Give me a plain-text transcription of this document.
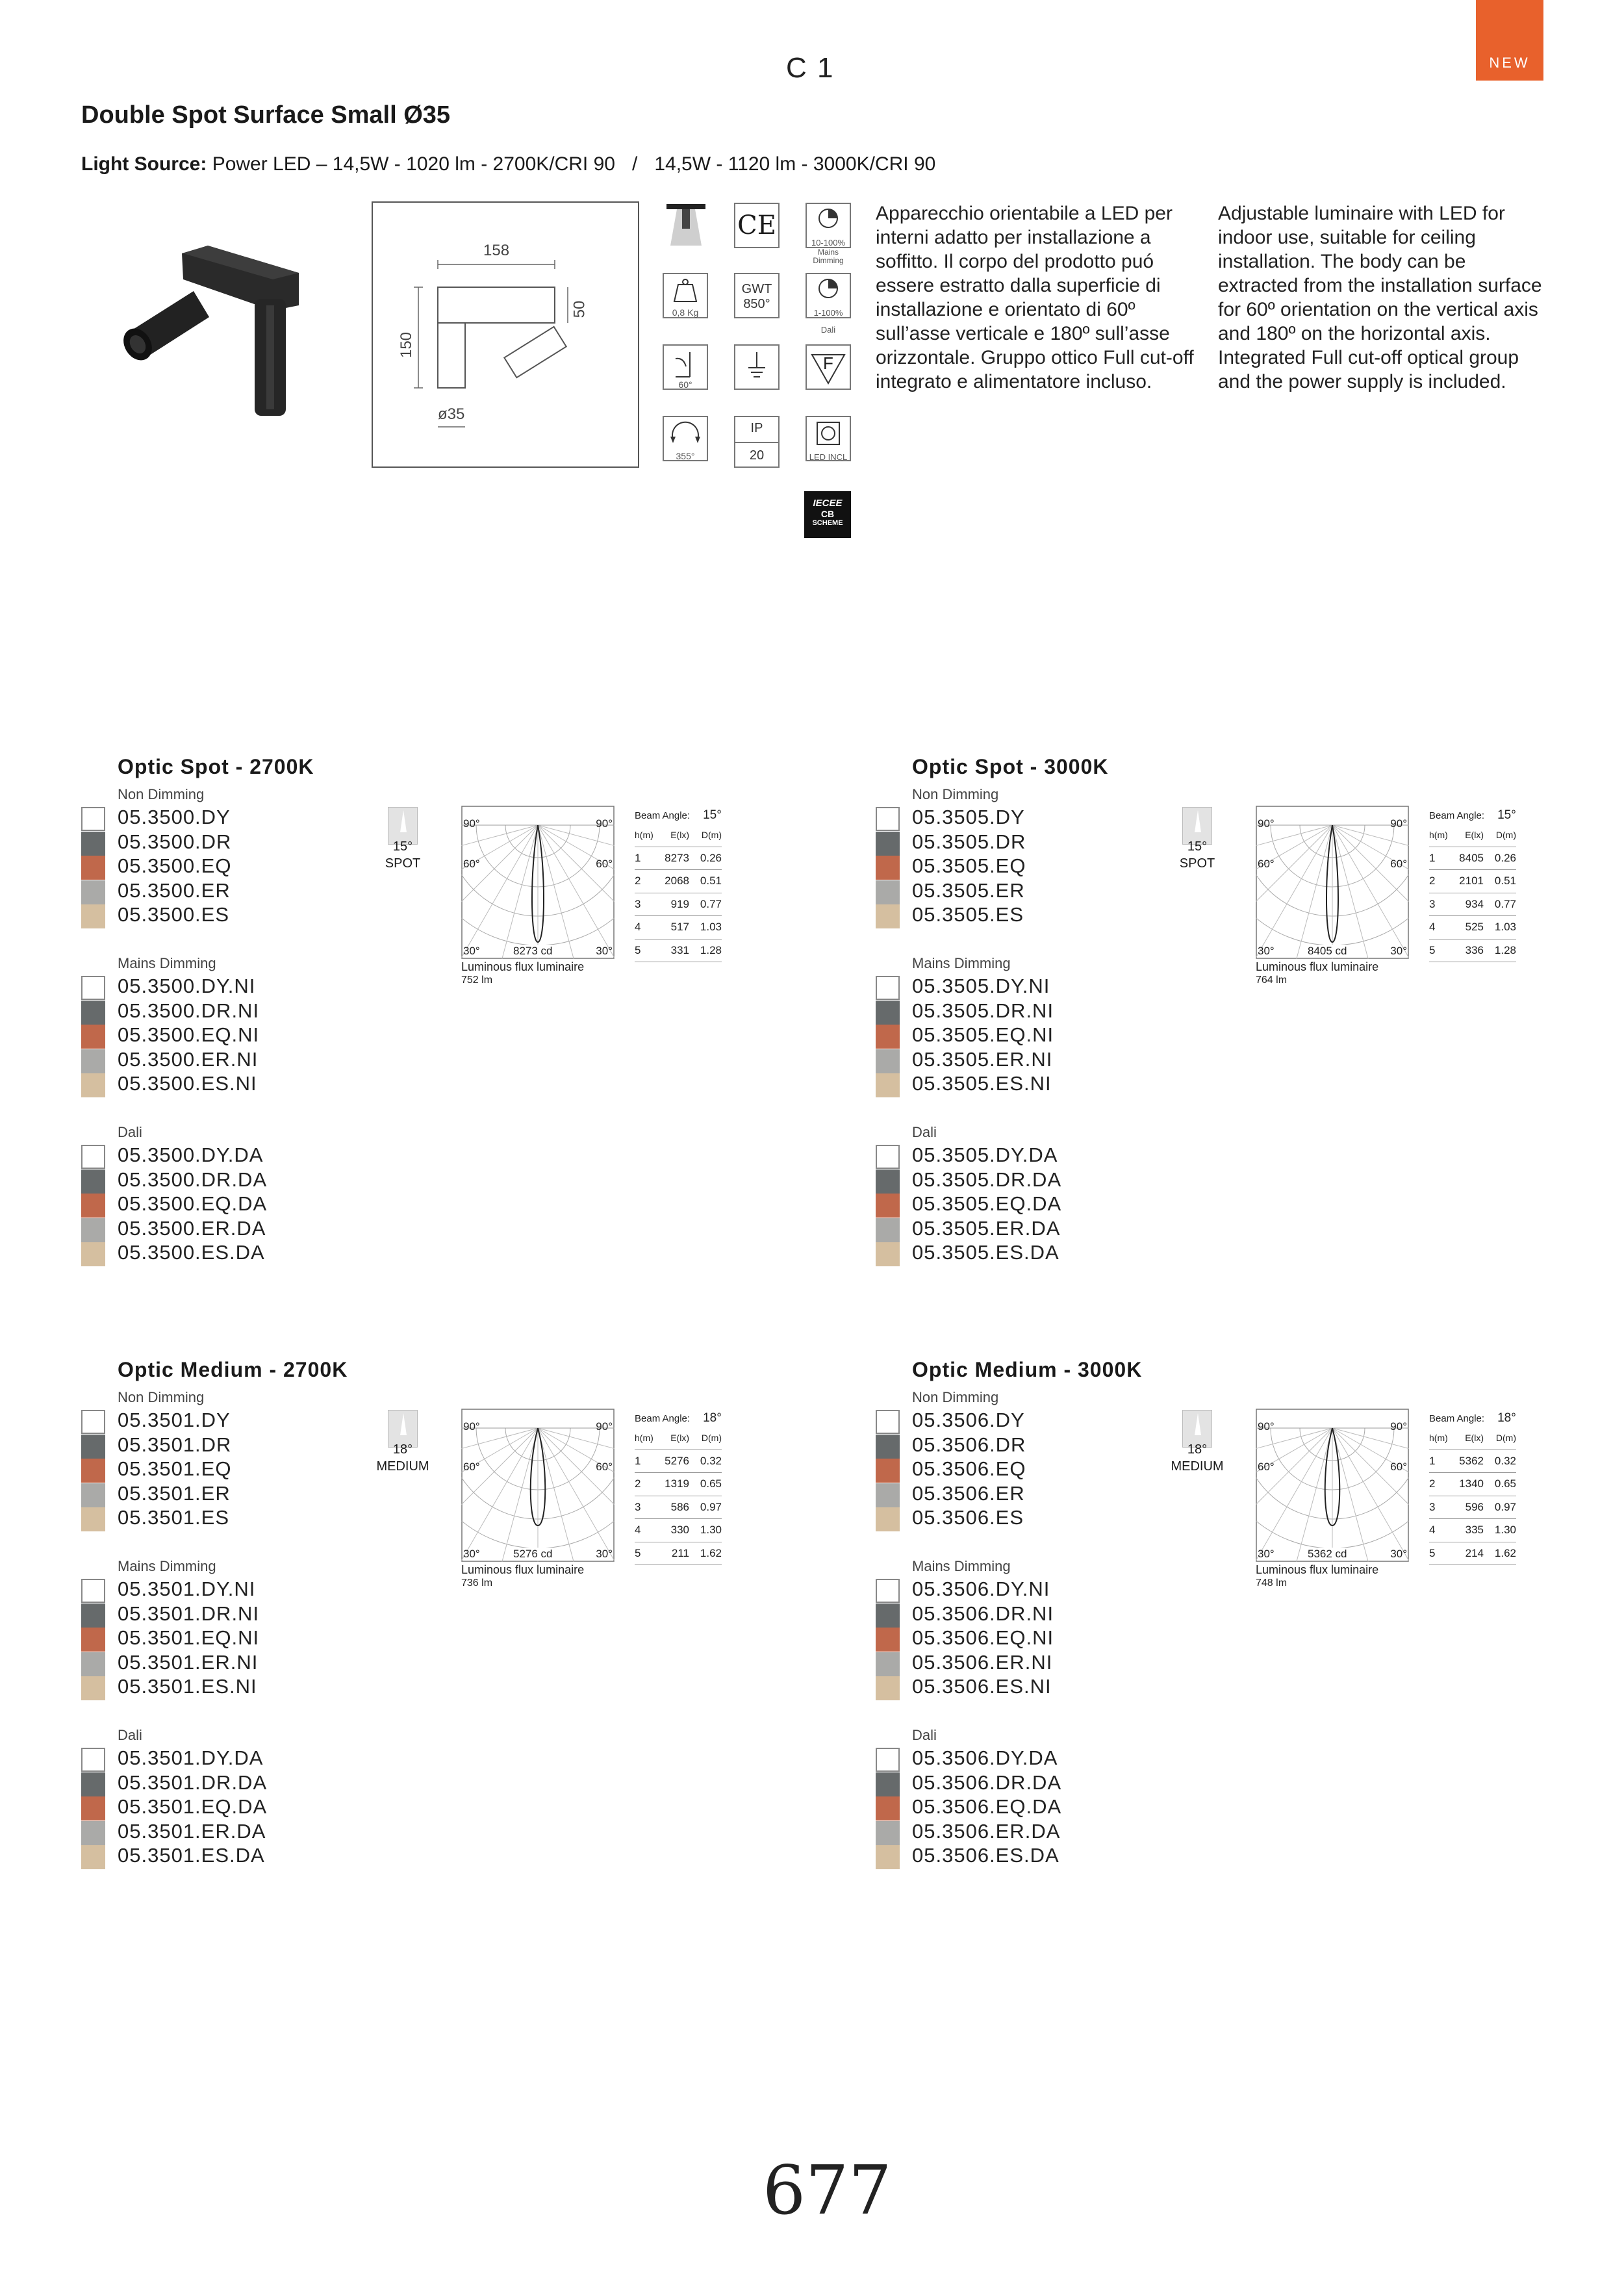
C 1	NEW
Double Spot Surface Small Ø35
Light Source: Power LED – 14,5W - 1020 lm - 2700K/CRI 90 / 14,5W - 1120 lm - 3000K/CRI 90
158
50
150
ø35
CE
10-100%
Mains
Dimming
0,8 Kg
GWT
850°
1-100%
Dali
60°
F
355°
IP
20	LED INCL
IECEE
CB
SCHEME
Apparecchio orientabile a LED per interni adatto per installazione a soffitto. Il corpo del prodotto puó essere estratto dalla superficie di installazione e orientato di 60º sull’asse verticale e 180º sull’asse orizzontale. Gruppo ottico Full cut-off integrato e alimentatore incluso.
Adjustable luminaire with LED for indoor use, suitable for ceiling installation. The body can be extracted from the installation surface for 60º orientation on the vertical axis and 180º on the horizontal axis. Integrated Full cut-off optical group and the power supply is included.
Optic Spot - 2700K
Non Dimming
05.3500.DY
05.3500.DR
05.3500.EQ
05.3500.ER
05.3500.ES
Mains Dimming
05.3500.DY.NI
05.3500.DR.NI
05.3500.EQ.NI
05.3500.ER.NI
05.3500.ES.NI
Dali
05.3500.DY.DA
05.3500.DR.DA
05.3500.EQ.DA
05.3500.ER.DA
05.3500.ES.DA
15°
SPOT
90°	90°
60°	60°
30°	30°
8273 cd
Luminous flux luminaire
752 lm
Beam Angle: 15°
h(m)	E(lx)	D(m)
1	8273	0.26
2	2068	0.51
3	919	0.77
4	517	1.03
5	331	1.28
Optic Spot - 3000K
Non Dimming
05.3505.DY
05.3505.DR
05.3505.EQ
05.3505.ER
05.3505.ES
Mains Dimming
05.3505.DY.NI
05.3505.DR.NI
05.3505.EQ.NI
05.3505.ER.NI
05.3505.ES.NI
Dali
05.3505.DY.DA
05.3505.DR.DA
05.3505.EQ.DA
05.3505.ER.DA
05.3505.ES.DA
15°
SPOT
90°	90°
60°	60°
30°	30°
8405 cd
Luminous flux luminaire
764 lm
Beam Angle: 15°
h(m)	E(lx)	D(m)
1	8405	0.26
2	2101	0.51
3	934	0.77
4	525	1.03
5	336	1.28
Optic Medium - 2700K
Non Dimming
05.3501.DY
05.3501.DR
05.3501.EQ
05.3501.ER
05.3501.ES
Mains Dimming
05.3501.DY.NI
05.3501.DR.NI
05.3501.EQ.NI
05.3501.ER.NI
05.3501.ES.NI
Dali
05.3501.DY.DA
05.3501.DR.DA
05.3501.EQ.DA
05.3501.ER.DA
05.3501.ES.DA
18°
MEDIUM
90°	90°
60°	60°
30°	30°
5276 cd
Luminous flux luminaire
736 lm
Beam Angle: 18°
h(m)	E(lx)	D(m)
1	5276	0.32
2	1319	0.65
3	586	0.97
4	330	1.30
5	211	1.62
Optic Medium - 3000K
Non Dimming
05.3506.DY
05.3506.DR
05.3506.EQ
05.3506.ER
05.3506.ES
Mains Dimming
05.3506.DY.NI
05.3506.DR.NI
05.3506.EQ.NI
05.3506.ER.NI
05.3506.ES.NI
Dali
05.3506.DY.DA
05.3506.DR.DA
05.3506.EQ.DA
05.3506.ER.DA
05.3506.ES.DA
18°
MEDIUM
90°	90°
60°	60°
30°	30°
5362 cd
Luminous flux luminaire
748 lm
Beam Angle: 18°
h(m)	E(lx)	D(m)
1	5362	0.32
2	1340	0.65
3	596	0.97
4	335	1.30
5	214	1.62
677
